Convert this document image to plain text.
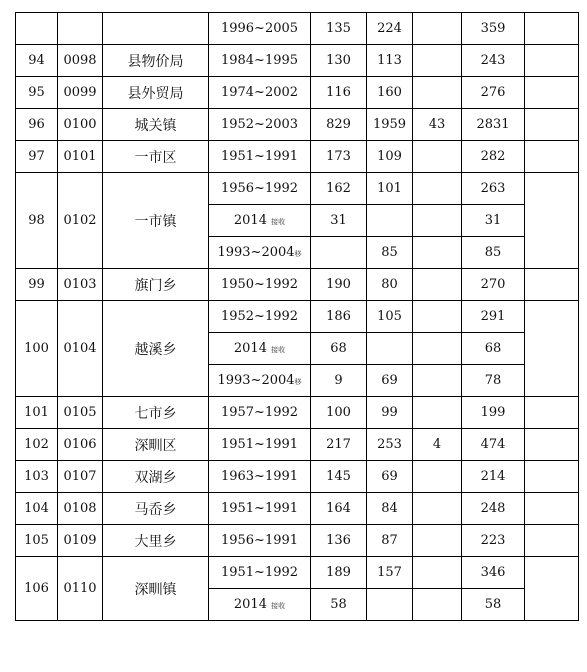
			1996~2005	135	224		359	
94	0098	县物价局	1984~1995	130	113		243	
95	0099	县外贸局	1974~2002	116	160		276	
96	0100	城关镇	1952~2003	829	1959	43	2831	
97	0101	一市区	1951~1991	173	109		282	
98	0102	一市镇	1956~1992	162	101		263	
			2014 接收	31			31	
			1993~2004移		85		85	
99	0103	旗门乡	1950~1992	190	80		270	
100	0104	越溪乡	1952~1992	186	105		291	
			2014 接收	68			68	
			1993~2004移	9	69		78	
101	0105	七市乡	1957~1992	100	99		199	
102	0106	深甽区	1951~1991	217	253	4	474	
103	0107	双湖乡	1963~1991	145	69		214	
104	0108	马岙乡	1951~1991	164	84		248	
105	0109	大里乡	1956~1991	136	87		223	
106	0110	深甽镇	1951~1992	189	157		346	
			2014 接收	58			58	
